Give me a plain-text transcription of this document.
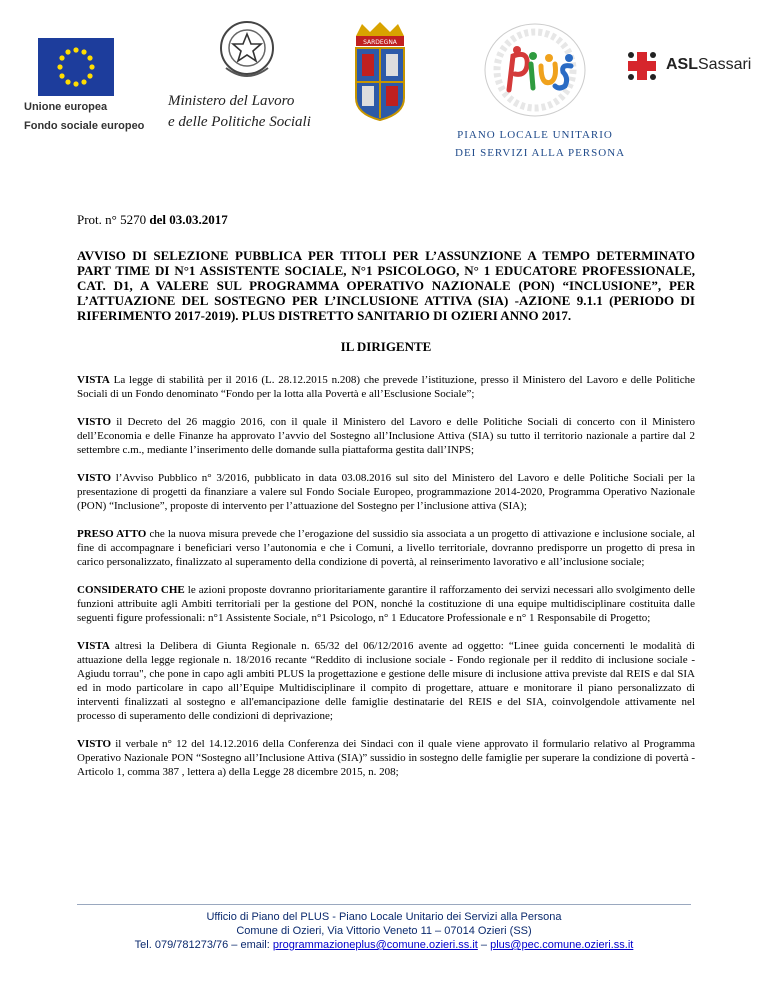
Unione europea
Fondo sociale europeo
Ministero del Lavoro
e delle Politiche Sociali
SARDEGNA
PIANO LOCALE UNITARIO
DEI SERVIZI ALLA PERSONA
ASLSassari
Prot. n° 5270 del 03.03.2017

AVVISO DI SELEZIONE PUBBLICA PER TITOLI PER L’ASSUNZIONE A TEMPO DETERMINATO PART TIME DI N°1 ASSISTENTE SOCIALE, N°1 PSICOLOGO, N° 1 EDUCATORE PROFESSIONALE, CAT. D1, A VALERE SUL PROGRAMMA OPERATIVO NAZIONALE (PON) “INCLUSIONE”, PER L’ATTUAZIONE DEL SOSTEGNO PER L’INCLUSIONE ATTIVA (SIA) -AZIONE 9.1.1 (PERIODO DI RIFERIMENTO 2017-2019). PLUS DISTRETTO SANITARIO DI OZIERI ANNO 2017.

IL DIRIGENTE

VISTA La legge di stabilità per il 2016 (L. 28.12.2015 n.208) che prevede l’istituzione, presso il Ministero del Lavoro e delle Politiche Sociali di un Fondo denominato “Fondo per la lotta alla Povertà e all’Esclusione Sociale”;

VISTO il Decreto del 26 maggio 2016, con il quale il Ministero del Lavoro e delle Politiche Sociali di concerto con il Ministero dell’Economia e delle Finanze ha approvato l’avvio del Sostegno all’Inclusione Attiva (SIA) su tutto il territorio nazionale a partire dal 2 settembre c.m., mediante l’inserimento delle domande sulla piattaforma gestita dall’INPS;

VISTO l’Avviso Pubblico n° 3/2016, pubblicato in data 03.08.2016 sul sito del Ministero del Lavoro e delle Politiche Sociali per la presentazione di progetti da finanziare a valere sul Fondo Sociale Europeo, programmazione 2014-2020, Programma Operativo Nazionale (PON) “Inclusione”, proposte di intervento per l’attuazione del Sostegno per l’inclusione attiva (SIA);

PRESO ATTO che la nuova misura prevede che l’erogazione del sussidio sia associata a un progetto di attivazione e inclusione sociale, al fine di accompagnare i beneficiari verso l’autonomia e che i Comuni, a livello territoriale, dovranno predisporre un progetto di presa in carico personalizzato, finalizzato al superamento della condizione di povertà, al reinserimento lavorativo e all’inclusione sociale;

CONSIDERATO CHE le azioni proposte dovranno prioritariamente garantire il rafforzamento dei servizi necessari allo svolgimento delle funzioni attribuite agli Ambiti territoriali per la gestione del PON, nonché la costituzione di una equipe multidisciplinare costituita dalle seguenti figure professionali: n°1 Assistente Sociale, n°1 Psicologo, n° 1 Educatore Professionale e n° 1 Responsabile di Progetto;

VISTA altresì la Delibera di Giunta Regionale n. 65/32 del 06/12/2016 avente ad oggetto: “Linee guida concernenti le modalità di attuazione della legge regionale n. 18/2016 recante “Reddito di inclusione sociale - Fondo regionale per il reddito di inclusione sociale - Agiudu torrau", che pone in capo agli ambiti PLUS la progettazione e gestione delle misure di inclusione attiva previste dal REIS e dal SIA ed in modo particolare in capo all’Equipe Multidisciplinare il compito di progettare, attuare e monitorare il piano personalizzato di interventi finalizzati al sostegno e all'emancipazione delle famiglie destinatarie del REIS e del SIA, coinvolgendole attivamente nel processo di superamento delle condizioni di deprivazione;

VISTO il verbale n° 12 del 14.12.2016 della Conferenza dei Sindaci con il quale viene approvato il formulario relativo al Programma Operativo Nazionale PON “Sostegno all’Inclusione Attiva (SIA)” sussidio in sostegno delle famiglie per superare la condizione di povertà - Articolo 1, comma 387 , lettera a) della Legge 28 dicembre 2015, n. 208;

Ufficio di Piano del PLUS - Piano Locale Unitario dei Servizi alla Persona
Comune di Ozieri, Via Vittorio Veneto 11 – 07014 Ozieri (SS)
Tel. 079/781273/76 – email: programmazioneplus@comune.ozieri.ss.it – plus@pec.comune.ozieri.ss.it
